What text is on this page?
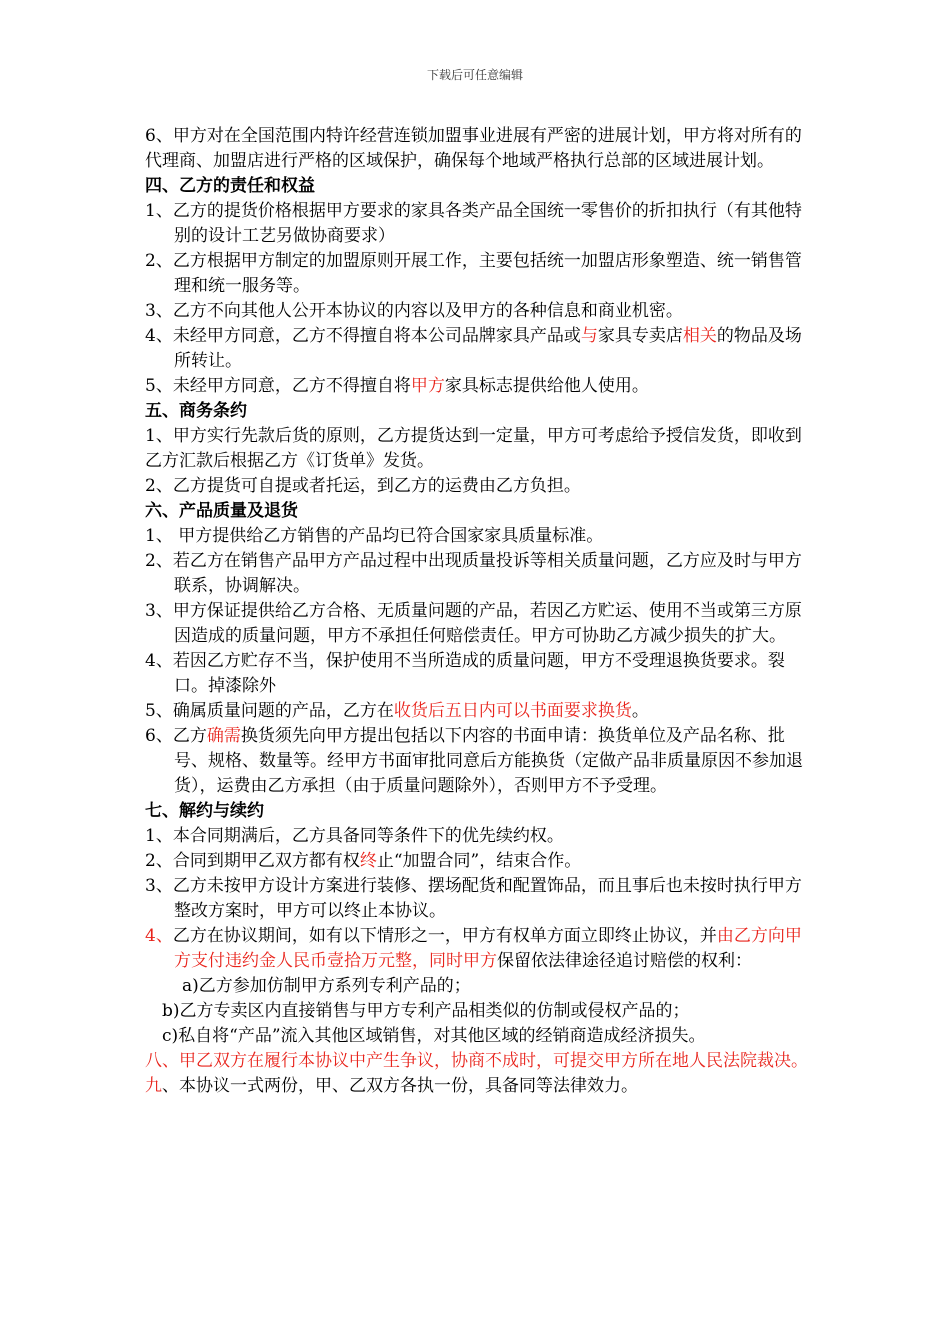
下载后可任意编辑

6、甲方对在全国范围内特许经营连锁加盟事业进展有严密的进展计划，甲方将对所有的代理商、加盟店进行严格的区域保护，确保每个地域严格执行总部的区域进展计划。

四、乙方的责任和权益

1、乙方的提货价格根据甲方要求的家具各类产品全国统一零售价的折扣执行（有其他特别的设计工艺另做协商要求）

2、乙方根据甲方制定的加盟原则开展工作，主要包括统一加盟店形象塑造、统一销售管理和统一服务等。

3、乙方不向其他人公开本协议的内容以及甲方的各种信息和商业机密。

4、未经甲方同意，乙方不得擅自将本公司品牌家具产品或与家具专卖店相关的物品及场所转让。

5、未经甲方同意，乙方不得擅自将甲方家具标志提供给他人使用。

五、商务条约

1、甲方实行先款后货的原则，乙方提货达到一定量，甲方可考虑给予授信发货，即收到乙方汇款后根据乙方《订货单》发货。

2、乙方提货可自提或者托运，到乙方的运费由乙方负担。

六、产品质量及退货

1、 甲方提供给乙方销售的产品均已符合国家家具质量标准。

2、若乙方在销售产品甲方产品过程中出现质量投诉等相关质量问题，乙方应及时与甲方联系，协调解决。

3、甲方保证提供给乙方合格、无质量问题的产品，若因乙方贮运、使用不当或第三方原因造成的质量问题，甲方不承担任何赔偿责任。甲方可协助乙方减少损失的扩大。

4、若因乙方贮存不当，保护使用不当所造成的质量问题，甲方不受理退换货要求。裂口。掉漆除外

5、确属质量问题的产品，乙方在收货后五日内可以书面要求换货。

6、乙方确需换货须先向甲方提出包括以下内容的书面申请：换货单位及产品名称、批号、规格、数量等。经甲方书面审批同意后方能换货（定做产品非质量原因不参加退货），运费由乙方承担（由于质量问题除外），否则甲方不予受理。

七、解约与续约

1、本合同期满后，乙方具备同等条件下的优先续约权。

2、合同到期甲乙双方都有权终止“加盟合同”，结束合作。

3、乙方未按甲方设计方案进行装修、摆场配货和配置饰品，而且事后也未按时执行甲方整改方案时，甲方可以终止本协议。

4、乙方在协议期间，如有以下情形之一，甲方有权单方面立即终止协议，并由乙方向甲方支付违约金人民币壹拾万元整，同时甲方保留依法律途径追讨赔偿的权利：

a)乙方参加仿制甲方系列专利产品的；

b)乙方专卖区内直接销售与甲方专利产品相类似的仿制或侵权产品的；

c)私自将“产品”流入其他区域销售，对其他区域的经销商造成经济损失。

八、甲乙双方在履行本协议中产生争议，协商不成时，可提交甲方所在地人民法院裁决。

九、本协议一式两份，甲、乙双方各执一份，具备同等法律效力。
